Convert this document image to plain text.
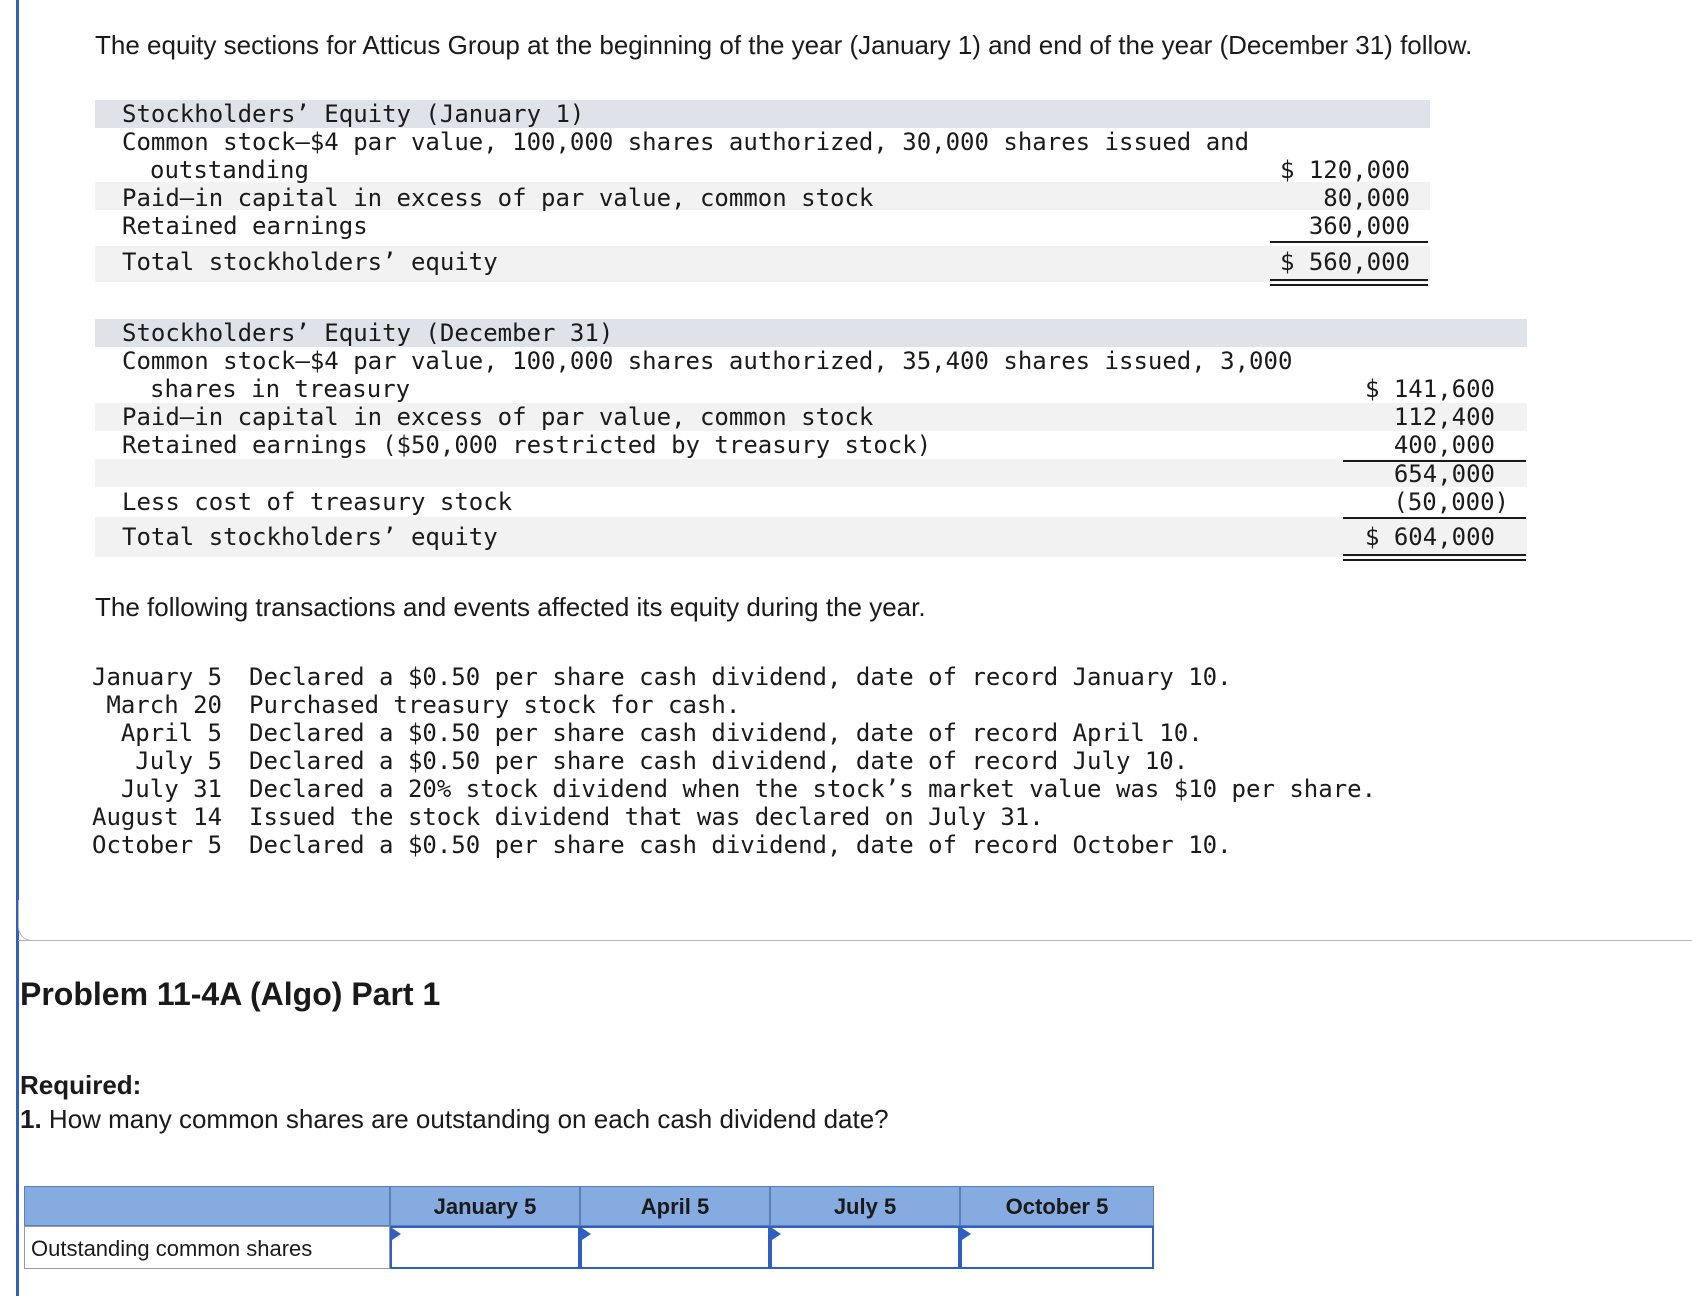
The equity sections for Atticus Group at the beginning of the year (January 1) and end of the year (December 31) follow.

Stockholders’ Equity (January 1)
Common stock–$4 par value, 100,000 shares authorized, 30,000 shares issued and
outstanding	$ 120,000
Paid–in capital in excess of par value, common stock	80,000
Retained earnings	360,000
Total stockholders’ equity	$ 560,000
Stockholders’ Equity (December 31)
Common stock–$4 par value, 100,000 shares authorized, 35,400 shares issued, 3,000
shares in treasury	$ 141,600
Paid–in capital in excess of par value, common stock	112,400
Retained earnings ($50,000 restricted by treasury stock)	400,000
654,000
Less cost of treasury stock	(50,000)
Total stockholders’ equity	$ 604,000

The following transactions and events affected its equity during the year.

January 5 Declared a $0.50 per share cash dividend, date of record January 10.
March 20 Purchased treasury stock for cash.
April 5 Declared a $0.50 per share cash dividend, date of record April 10.
July 5 Declared a $0.50 per share cash dividend, date of record July 10.
July 31 Declared a 20% stock dividend when the stock’s market value was $10 per share.
August 14 Issued the stock dividend that was declared on July 31.
October 5 Declared a $0.50 per share cash dividend, date of record October 10.
Problem 11-4A (Algo) Part 1
Required:
1. How many common shares are outstanding on each cash dividend date?
January 5	April 5	July 5	October 5
Outstanding common shares
